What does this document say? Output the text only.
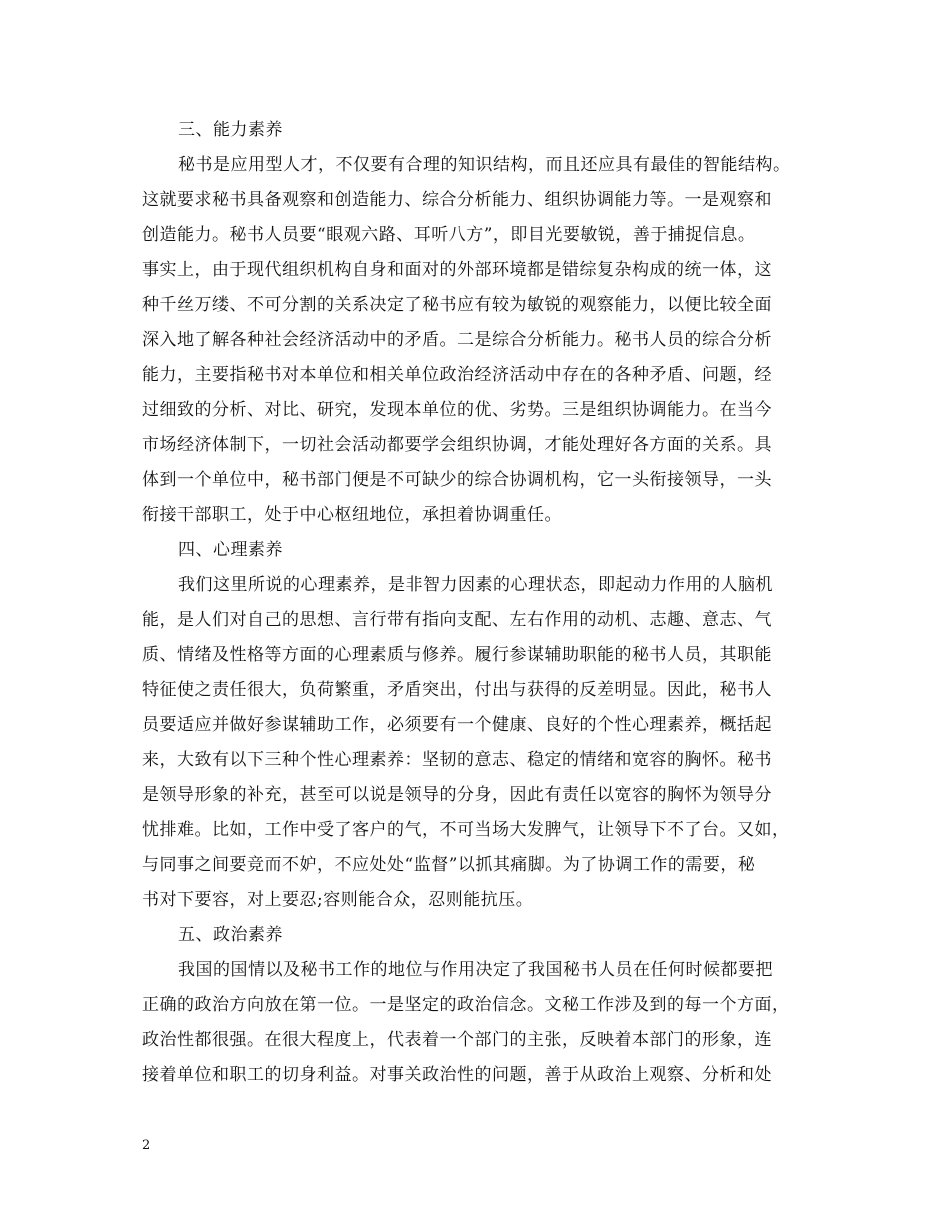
三、能力素养
秘书是应用型人才，不仅要有合理的知识结构，而且还应具有最佳的智能结构。
这就要求秘书具备观察和创造能力、综合分析能力、组织协调能力等。一是观察和
创造能力。秘书人员要“眼观六路、耳听八方”，即目光要敏锐，善于捕捉信息。
事实上，由于现代组织机构自身和面对的外部环境都是错综复杂构成的统一体，这
种千丝万缕、不可分割的关系决定了秘书应有较为敏锐的观察能力，以便比较全面
深入地了解各种社会经济活动中的矛盾。二是综合分析能力。秘书人员的综合分析
能力，主要指秘书对本单位和相关单位政治经济活动中存在的各种矛盾、问题，经
过细致的分析、对比、研究，发现本单位的优、劣势。三是组织协调能力。在当今
市场经济体制下，一切社会活动都要学会组织协调，才能处理好各方面的关系。具
体到一个单位中，秘书部门便是不可缺少的综合协调机构，它一头衔接领导，一头
衔接干部职工，处于中心枢纽地位，承担着协调重任。
四、心理素养
我们这里所说的心理素养，是非智力因素的心理状态，即起动力作用的人脑机
能，是人们对自己的思想、言行带有指向支配、左右作用的动机、志趣、意志、气
质、情绪及性格等方面的心理素质与修养。履行参谋辅助职能的秘书人员，其职能
特征使之责任很大，负荷繁重，矛盾突出，付出与获得的反差明显。因此，秘书人
员要适应并做好参谋辅助工作，必须要有一个健康、良好的个性心理素养，概括起
来，大致有以下三种个性心理素养：坚韧的意志、稳定的情绪和宽容的胸怀。秘书
是领导形象的补充，甚至可以说是领导的分身，因此有责任以宽容的胸怀为领导分
忧排难。比如，工作中受了客户的气，不可当场大发脾气，让领导下不了台。又如，
与同事之间要竞而不妒，不应处处“监督”以抓其痛脚。为了协调工作的需要，秘
书对下要容，对上要忍;容则能合众，忍则能抗压。
五、政治素养
我国的国情以及秘书工作的地位与作用决定了我国秘书人员在任何时候都要把
正确的政治方向放在第一位。一是坚定的政治信念。文秘工作涉及到的每一个方面，
政治性都很强。在很大程度上，代表着一个部门的主张，反映着本部门的形象，连
接着单位和职工的切身利益。对事关政治性的问题，善于从政治上观察、分析和处
2
